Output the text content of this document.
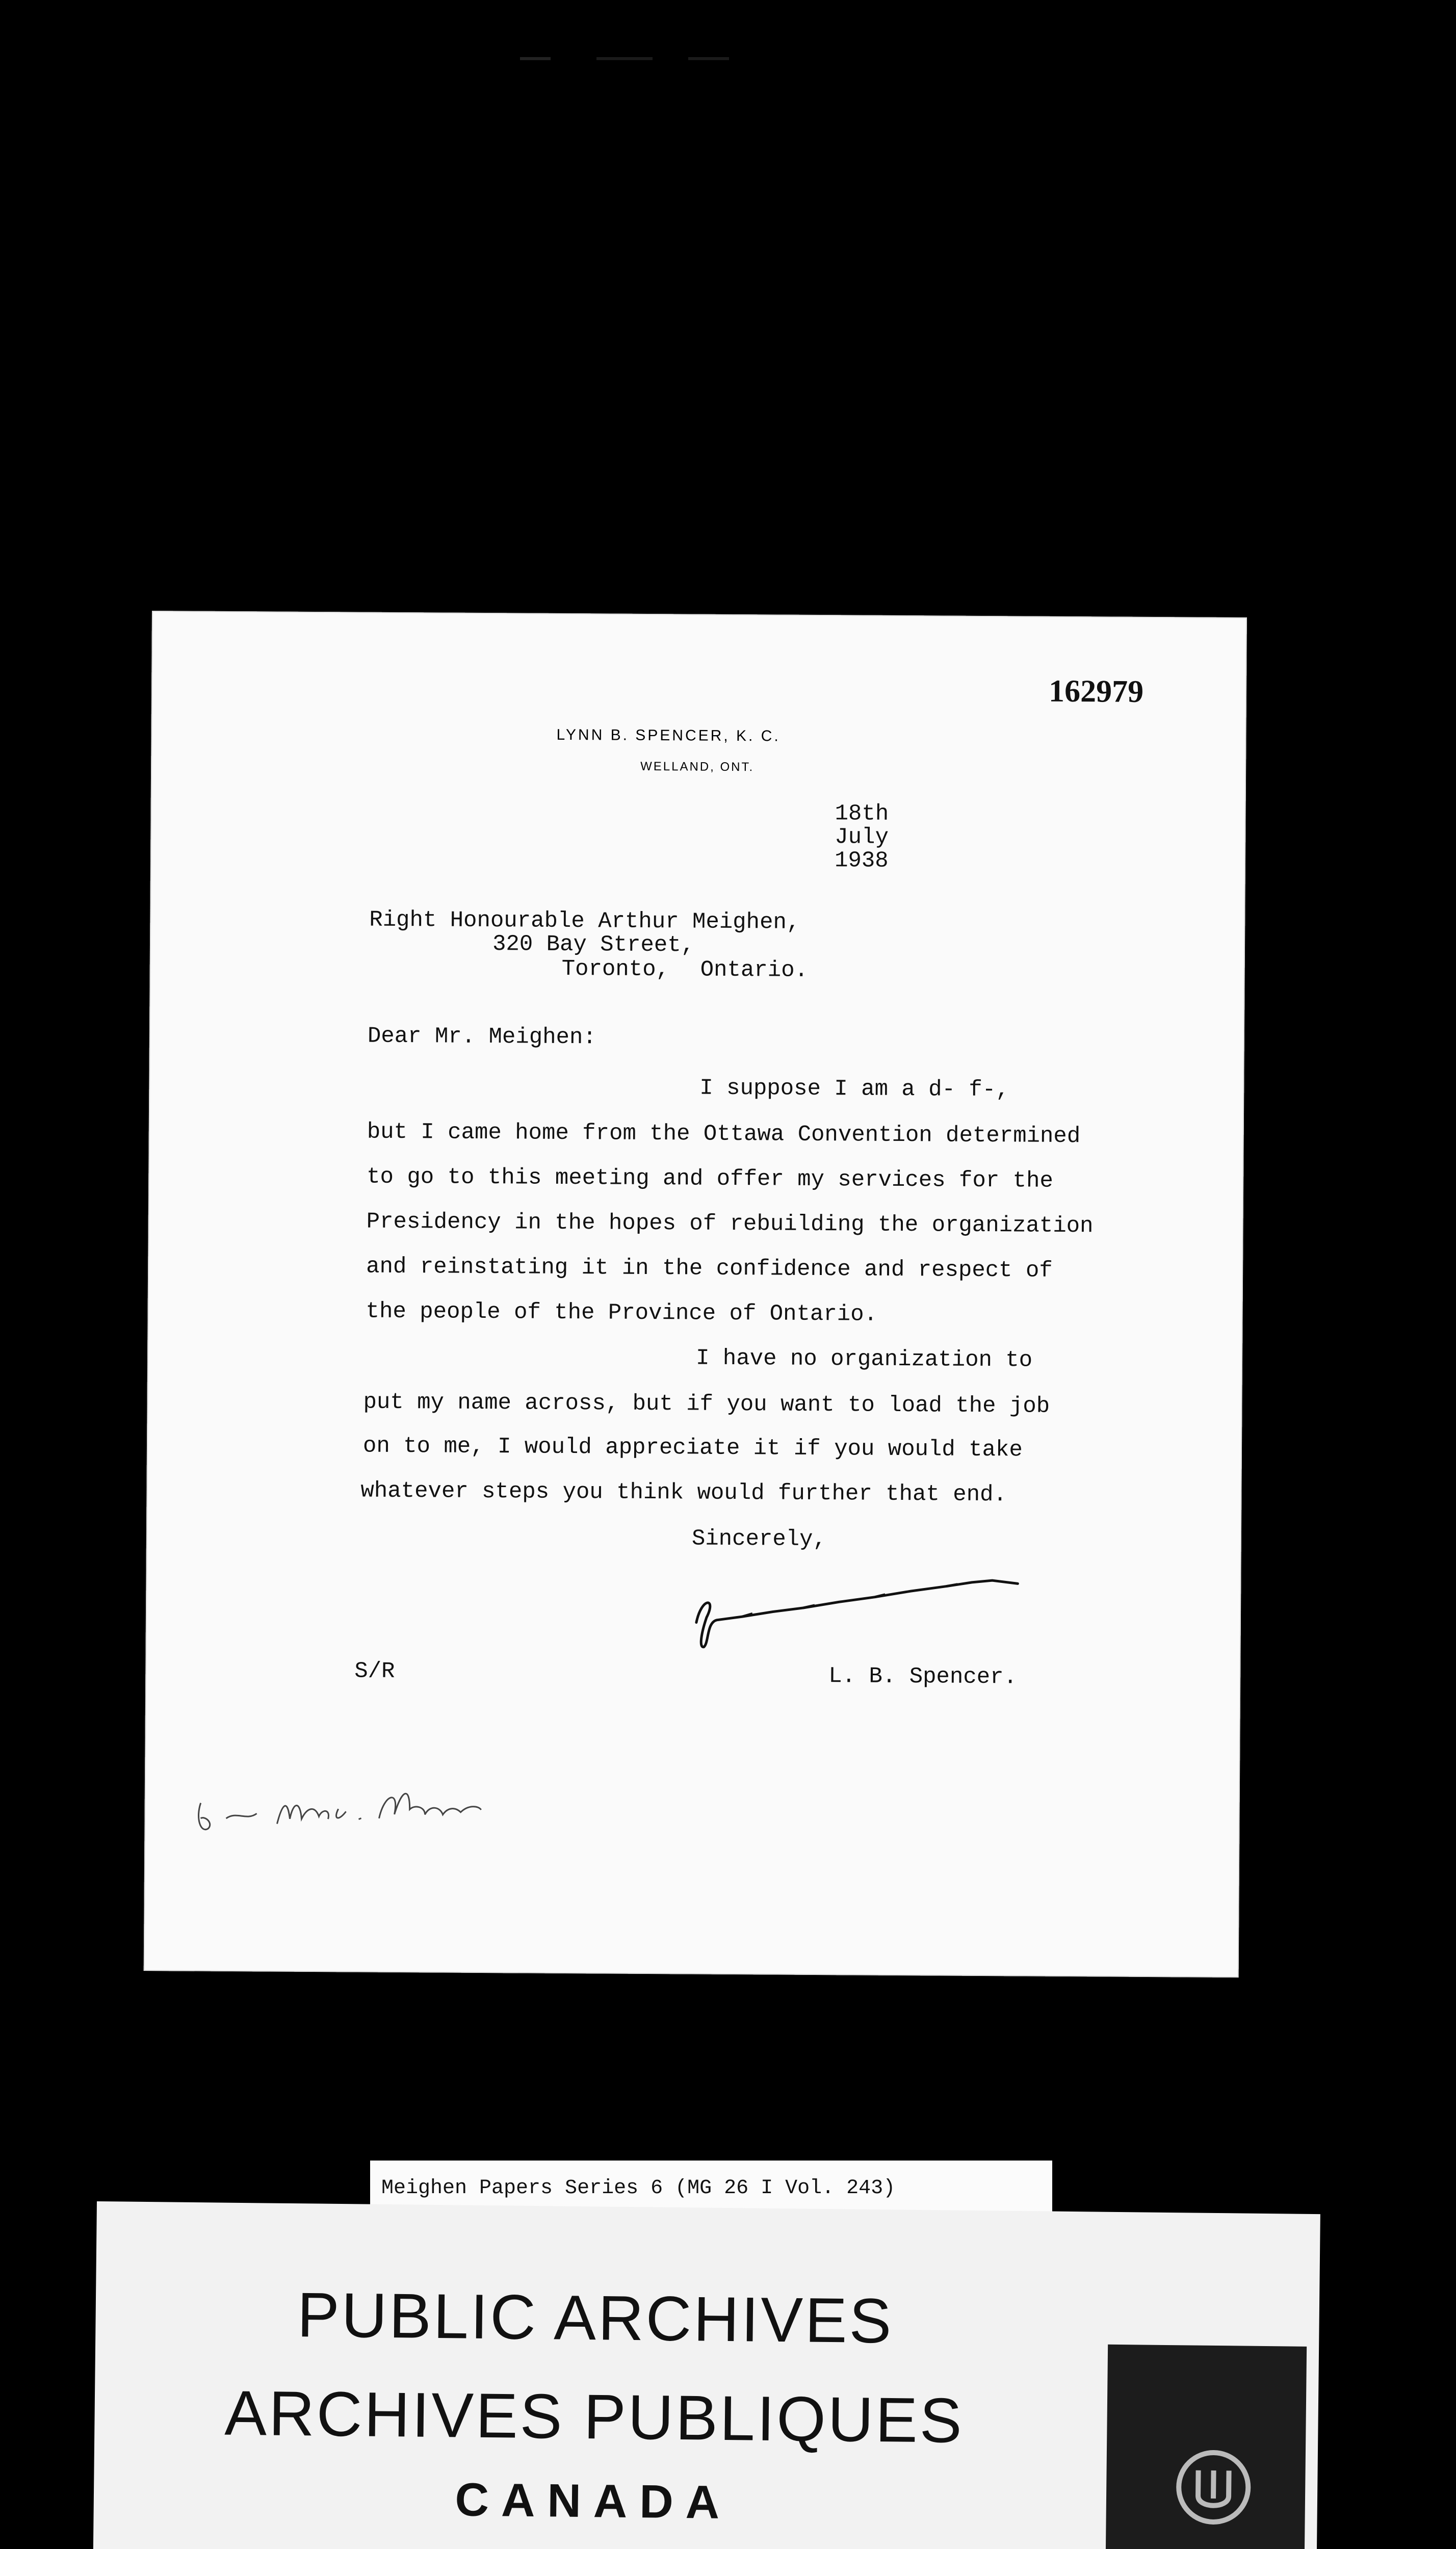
162979
LYNN B. SPENCER, K. C.
WELLAND, ONT.
18th
July
1938
Right Honourable Arthur Meighen,
320 Bay Street,
Toronto, Ontario.
Dear Mr. Meighen:
I suppose I am a d- f-,
but I came home from the Ottawa Convention determined
to go to this meeting and offer my services for the
Presidency in the hopes of rebuilding the organization
and reinstating it in the confidence and respect of
the people of the Province of Ontario.
I have no organization to
put my name across, but if you want to load the job
on to me, I would appreciate it if you would take
whatever steps you think would further that end.
Sincerely,
S/R	L. B. Spencer.
Meighen Papers Series 6 (MG 26 I Vol. 243)
PUBLIC ARCHIVES
ARCHIVES PUBLIQUES
CANADA
